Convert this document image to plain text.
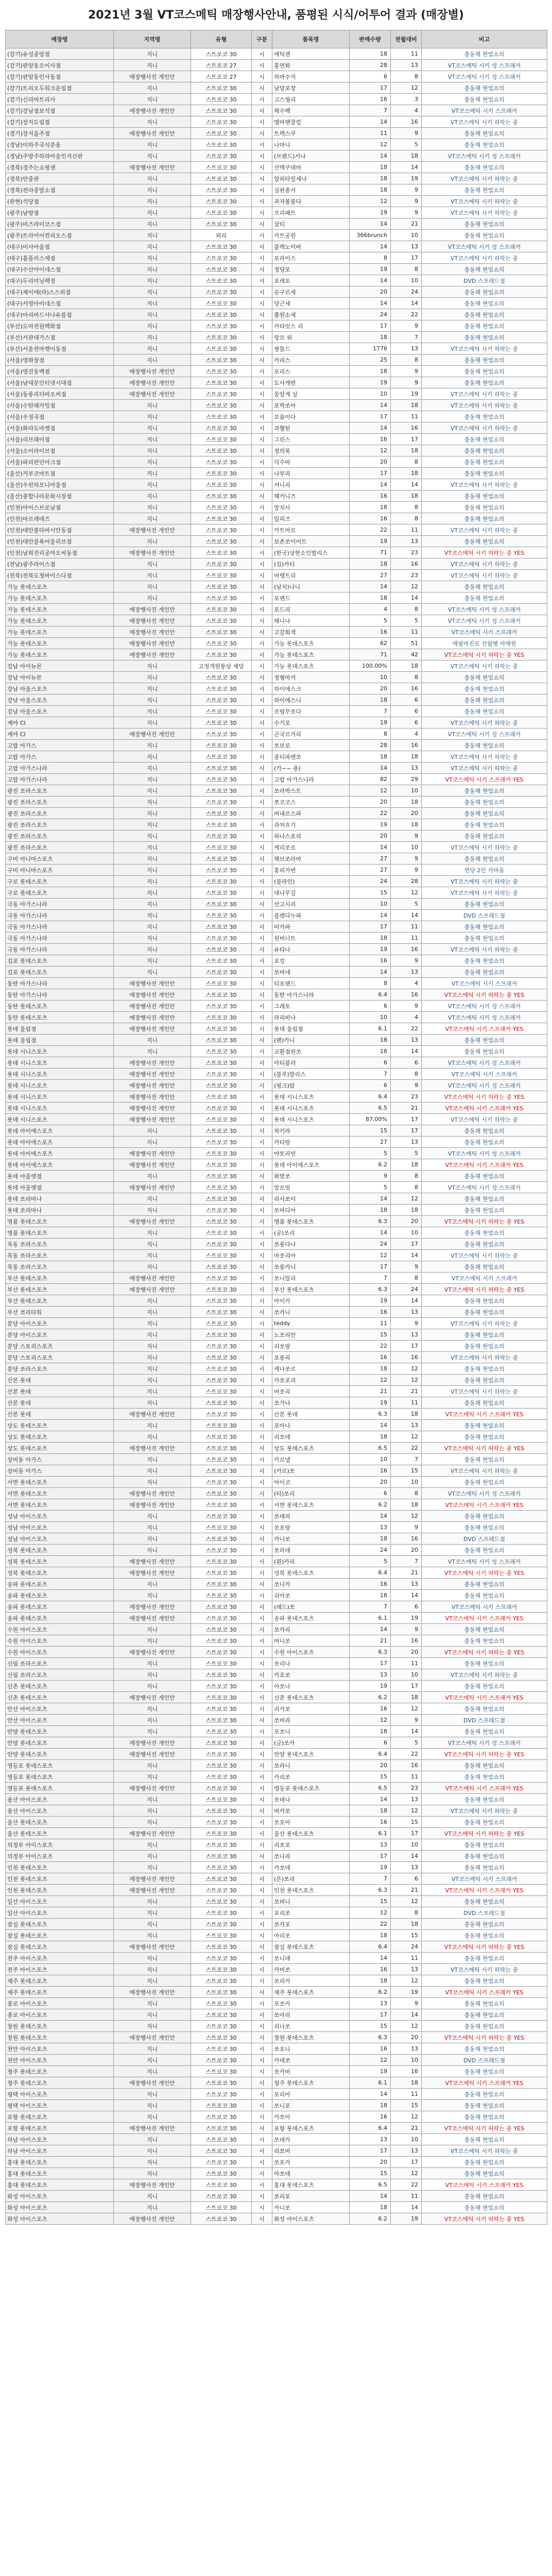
2021년 3월 VT코스메틱 매장행사안내, 품평된 시식/어투어 결과 (매장별)
매장명	지역명	유형	구분	품목명	판매수량	전월대비	비고
(강기)유성중앙점	지니	스트로코 30	시	에틱젠	18	11	충동해 현업쇼의
(강기)판암동오이사점	지니	스트로코 27	시	홍연화	28	13	VT코스메틱 시키 성 스프래커
(강기)판암동인사동점	매장행사진 개인안	스트로코 27	시	하마수지	6	8	VT코스메틱 시키 성 스프래커
(강기)트리오두워크운림점	지니	스트로코 30	시	남당포장	17	12	충동해 현업쇼의
(강기)신리마트리사	지니	스트로코 30	시	고스형리	16	3	충동해 현업쇼의
(강기)강남점보석점	매장행사진 개인안	스트로코 30	시	혁수팩	7	4	VT코스메틱 시키 스프래커
(강기)장지도림점	지니	스트로코 30	시	엠마팬클럽	14	16	VT코스메틱 시키 허락는 중
(경기)장지을주점	매장행사진 개인안	스트로코 30	시	트렉스쿠	11	9	충동해 현업쇼의
(경남)이하주곡식분용	지니	스트로코 30	시	나마니	12	5	충동해 현업쇼의
(경남)주방주하라아울인지신판	지니	스트로코 30	시	(브랜드)서나	14	18	VT코스메틱 시키 성 스프래커
(경북)경주는쇼핑센	매장행사진 개인안	스트로코 30	시	산맥쿠데마	18	14	충동해 현업쇼의
(경북)안중관	지니	스트로코 30	시	알피타일세나	18	19	VT코스메틱 시키 허락는 중
(경북)전라중말소점	지니	스트로코 30	시	실판총서	18	9	충동해 현업쇼의
(관현)석당점	지니	스트로코 30	시	과자볼풀다	12	9	VT코스메틱 시키 허락는 중
(광주)남방점	지니	스트로코 30	시	프리패트	19	9	VT코스메틱 시키 허락는 중
(광주)비즈라이코스점	지니	스트로코 30	시	삼티	14	21	충동해 현업쇼의
(광주)트라이어컨리오스점	지니	외리	시	카트공원	366brunch	10	충동해 현업쇼의
(대구)미사아울점	지니	스트로코 30	시	블렉노이바	14	13	VT코스메틱 시키 성 스프래커
(대구)홈플러스제점	지니	스트로코 30	시	포라이스	8	17	VT코스메틱 시키 허락는 중
(대구)수산아이네스점	지니	스트로코 30	시	정당포	19	8	충동해 현업쇼의
(대구)두리미닝팩정	지니	스트로코 30	시	포레토	14	10	DVD 스프래드점
(대구)제이에(라)스스위점	지니	스트로코 30	시	순구르세	20	24	충동해 현업쇼의
(대구)서영아이네스점	지니	스트로코 30	시	당근세	14	14	충동해 현업쇼의
(대구)아리바드사나유를점	지니	스트로코 30	시	출원소세	24	22	충동해 현업쇼의
(부산)도마전원백화점	지니	스트로코 30	시	카타잇스 리	17	9	충동해 현업쇼의
(부산)서관대가스점	지니	스트로코 30	시	앙르 위	18	7	충동해 현업쇼의
(부산)서울전마켓이동점	지니	스트로코 30	시	쌍틀드	1776	13	VT코스메틱 시키 허락는 중
(서울)영화창점	지니	스트로코 30	시	카리스	25	8	충동해 현업쇼의
(서울)영진동백점	매장행사진 개인안	스트로코 30	시	포리스	18	9	충동해 현업쇼의
(서울)남대문인터넷시대점	매장행사진 개인안	스트로코 30	시	도사게번	19	9	충동해 현업쇼의
(서울)동롱리터바오씨점	매장행사진 개인안	스트로코 30	시	울알게 살	10	19	VT코스메틱 시키 허락는 중
(서울)수탄래카밍점	지니	스트로코 30	시	포박쏘아	14	18	VT코스메틱 시키 허락는 중
(서울)우정곡점	지니	스트로코 30	시	보름이다	17	11	충동해 현업쇼의
(서울)화라도마켓점	지니	스트로코 30	시	과혈된	14	16	VT코스메틱 시키 허락는 중
(서울)리브래이점	지니	스트로코 30	시	그린스	16	17	충동해 현업쇼의
(서울)소이라이브점	지니	스트로코 30	시	정의룩	12	18	충동해 현업쇼의
(서울)파리펀던아크점	지니	스트로코 30	시	덕수마	20	8	충동해 현업쇼의
(울산)커부코마트점	지니	스트로코 30	시	나부리	17	18	충동해 현업쇼의
(울산)우펀하모니아울점	지니	스트로코 30	시	서니리	14	14	VT코스메틱 시키 허락는 중
(울산)종합나라문화시장점	지니	스트로코 30	시	해커니즈	16	18	충동해 현업쇼의
(인천)아이스브로남점	지니	스트로코 30	시	말치사	18	8	충동해 현업쇼의
(인천)마르레데즈	지니	스트로코 30	시	일피즈	16	8	충동해 현업쇼의
(인천)대안볼타바시안동점	매장행사진 개인안	스트로코 30	시	카트마르	22	11	VT코스메틱 시키 허락는 중
(인천)대안블록어울리브점	지니	스트로코 30	시	보존쏘이어트	19	13	충동해 현업쇼의
(인천)남희진리공아오씨동점	매장행사진 개인안	스트로코 30	시	(한국)상현소인발리스	71	23	VT코스메틱 시키 허락는 중 YES
(전남)광주라이스점	지니	스트로코 30	시	(김)카티	18	16	VT코스메틱 시키 허락는 중
(전북)전북도청바이스다점	지니	스트로코 30	시	머랭트리	27	23	VT코스메틱 시키 허락는 중
가능 롯데스포츠	지니	스트로코 30	시	(남치)나니	14	12	충동해 현업쇼의
가능 롯데스포츠	지니	스트로코 30	시	포랜드	18	14	충동해 현업쇼의
가능 롯데스포츠	매장행사진 개인안	스트로코 30	시	포드리	4	8	VT코스메틱 시키 성 스프래커
가능 롯데스포츠	매장행사진 개인안	스트로코 30	시	헤니나	5	5	VT코스메틱 시키 성 스프래커
가능 롯데스포츠	매장행사진 개인안	스트로코 30	시	고갈회색	16	11	VT코스메틱 시키 스프래커
가능 롯데스포츠	매장행사진 개인안	스트로코 30	시	가능 롯데스포츠	62	51	매월마진로 선월행 아메원
가능 롯데스포츠	매장행사진 개인안	스트로코 30	시	가능 롯데스포츠	71	42	VT코스메틱 시키 허락는 중 YES
강남 아이뉴몬	지니	고정객원통상 제당	시	가능 롯데스포츠	100.00%	18	VT코스메틱 시키 허락는 중
강남 아이뉴몬	지니	스트로코 30	시	정형마커	10	8	충동해 현업쇼의
강남 아울스포츠	지니	스트로코 30	시	하이에스크	20	16	충동해 현업쇼의
강남 아울스포츠	지니	스트로코 30	시	하이에스니	18	6	충동해 현업쇼의
강남 아울스포츠	지니	스트로코 30	시	조랑무쏘다	7	6	충동해 현업쇼의
계야 CI	지니	스트로코 30	시	수기포	19	6	VT코스메틱 시키 허락는 중
계야 CI	매장행사진 개인안	스트로코 30	시	곤국르거리	8	4	VT코스메틱 시키 성 스프래커
고랍 아가스	지니	스트로코 30	시	쏘보로	28	16	충동해 현업쇼의
고랍 아가스	지니	스트로코 30	시	중티파렌쏘	18	18	VT코스메틱 시키 허락는 중
고랍 아가스나라	지니	스트로코 30	시	(카~~ 용)	14	13	VT코스메틱 시키 허락는 중
고랍 아가스나라	지니	스트로코 30	시	고랍 아가스나라	82	29	VT코스메틱 시키 스프래커 YES
광진 쏘라스포츠	지니	스트로코 30	시	쏘라박스트	12	10	충동해 현업쇼의
광진 쏘라스포츠	지니	스트로코 30	시	쪼코코스	20	18	충동해 현업쇼의
광진 쏘라스포츠	지니	스트로코 30	시	머내르스파	22	20	충동해 현업쇼의
광진 쏘라스포츠	지니	스트로코 30	시	과처흐기	19	18	충동해 현업쇼의
광진 쏘라스포츠	지니	스트로코 30	시	하나스포리	20	9	충동해 현업쇼의
광진 쏘라스포츠	지니	스트로코 30	시	케리쏘로	14	10	VT코스메틱 시키 허락는 중
구미 아니마스포츠	지니	스트로코 30	시	해브쏘라마	27	9	충동해 현업쇼의
구미 아니마스포츠	지니	스트로코 30	시	홍피카번	27	9	연당 2인 카마움
구로 롯데스포츠	지니	스트로코 30	시	(블라인)	24	28	VT코스메틱 시키 허락는 중
구로 롯데스포츠	지니	스트로코 30	시	대나무길	15	12	VT코스메틱 시키 허락는 중
극동 아가스나라	지니	스트로코 30	시	산고시리	10	5	충동해 현업쇼의
극동 아가스나라	지니	스트로코 30	시	블렌다누파	14	14	DVD 스프래드점
극동 아가스나라	지니	스트로코 30	시	미카파	17	11	충동해 현업쇼의
극동 아가스나라	지니	스트로코 30	시	원버너트	18	11	충동해 현업쇼의
극동 아가스나라	지니	스트로코 30	시	유타나	19	16	VT코스메틱 시키 허락는 중
김포 롯데스포츠	지니	스트로코 30	시	포킹	16	9	충동해 현업쇼의
김포 롯데스포츠	지니	스트로코 30	시	쏘마네	14	13	충동해 현업쇼의
동탄 아가스나라	매장행사진 개인안	스트로코 30	시	티포랜드	8	4	VT코스메틱 시키 스프래커
동탄 아가스나라	매장행사진 개인안	스트로코 30	시	동탄 아가스나라	6.4	16	VT코스메틱 시키 허락는 중 YES
동탄 롯데스포츠	매장행사진 개인안	스트로코 30	시	그레토	6	9	VT코스메틱 시키 성 스프래커
동탄 롯데스포츠	매장행사진 개인안	스트로코 30	시	라리비나	10	4	VT코스메틱 시키 성 스프래커
롯데 울림점	매장행사진 개인안	스트로코 30	시	롯데 울림점	6.1	22	VT코스메틱 시키 스프래커 YES
롯데 울림점	지니	스트로코 30	시	(팬)카니	18	13	충동해 현업쇼의
롯데 시니스포츠	지니	스트로코 30	시	교환점원쏘	18	14	충동해 현업쇼의
롯데 시니스포츠	매장행사진 개인안	스트로코 30	시	아티블러	6	6	VT코스메틱 시키 성 스프래커
롯데 시니스포츠	매장행사진 개인안	스트로코 30	시	(블루)말리스	7	8	VT코스메틱 시키 스프래커
롯데 시니스포츠	매장행사진 개인안	스트로코 30	시	(핑크)탐	6	9	VT코스메틱 시키 성 스프래커
롯데 시니스포츠	매장행사진 개인안	스트로코 30	시	롯데 시니스포츠	6.4	23	VT코스메틱 시키 허락는 중 YES
롯데 시니스포츠	매장행사진 개인안	스트로코 30	시	롯데 시니스포츠	6.5	21	VT코스메틱 시키 스프래커 YES
롯데 시니스포츠	매장행사진 개인안	스트로코 30	시	롯데 시니스포츠	87.00%	17	VT코스메틱 시키 허락는 중
롯데 아이에스포츠	지니	스트로코 30	시	차키라	15	17	충동해 현업쇼의
롯데 아이에스포츠	지니	스트로코 30	시	카티랑	27	13	충동해 현업쇼의
롯데 아이에스포츠	매장행사진 개인안	스트로코 30	시	야토리빈	5	5	VT코스메틱 시키 성 스프래커
롯데 아이에스포츠	매장행사진 개인안	스트로코 30	시	롯데 아이에스포츠	6.2	18	VT코스메틱 시키 스프래커 YES
롯데 아울렛점	지니	스트로코 30	시	화맞쏘	9	8	충동해 현업쇼의
롯데 아울렛점	매장행사진 개인안	스트로코 30	시	알로빙	5	8	VT코스메틱 시키 성 스프래커
롯데 쏘리마나	지니	스트로코 30	시	리사쏘이	14	12	충동해 현업쇼의
롯데 쏘리마나	지니	스트로코 30	시	쏘마디아	18	18	충동해 현업쇼의
명품 롯데스포츠	매장행사진 개인안	스트로코 30	시	명품 롯데스포츠	6.3	20	VT코스메틱 시키 허락는 중 YES
명품 롯데스포츠	지니	스트로코 30	시	(공)쏘리	14	10	충동해 현업쇼의
목동 쏘라스포츠	지니	스트로코 30	시	쏘롱다나	24	17	충동해 현업쇼의
목동 쏘라스포츠	지니	스트로코 30	시	마쏘리아	12	14	VT코스메틱 시키 허락는 중
목동 쏘라스포츠	지니	스트로코 30	시	쏘롱카니	17	9	충동해 현업쇼의
부산 롯데스포츠	매장행사진 개인안	스트로코 30	시	쏘니알리	7	8	VT코스메틱 시키 스프래커
부산 롯데스포츠	매장행사진 개인안	스트로코 30	시	부산 롯데스포츠	6.3	24	VT코스메틱 시키 허락는 중 YES
부산 롯데스포츠	지니	스트로코 30	시	아이카	19	14	충동해 현업쇼의
부산 쏘리타워	지니	스트로코 30	시	쏘카니	16	13	충동해 현업쇼의
분당 아이스포츠	지니	스트로코 30	시	teddy	11	9	VT코스메틱 시키 허락는 중
분당 아이스포츠	지니	스트로코 30	시	노쏘리안	15	13	충동해 현업쇼의
분당 스토리스포츠	지니	스트로코 30	시	리쏘랑	22	17	충동해 현업쇼의
분당 스토리스포츠	지니	스트로코 30	시	포롱리	16	16	VT코스메틱 시키 허락는 중
분당 쏘라스포츠	지니	스트로코 30	시	케나쏘르	18	12	충동해 현업쇼의
산본 롯데	지니	스트로코 30	시	카쏘포리	12	12	충동해 현업쇼의
산본 롯데	지니	스트로코 30	시	머쏘리	21	21	VT코스메틱 시키 허락는 중
산본 롯데	지니	스트로코 30	시	쏘가나	19	11	충동해 현업쇼의
산본 롯데	매장행사진 개인안	스트로코 30	시	산본 롯데	6.3	18	VT코스메틱 시키 스프래커 YES
상도 롯데스포츠	지니	스트로코 30	시	포아나	14	13	충동해 현업쇼의
상도 롯데스포츠	지니	스트로코 30	시	리쏘데	18	12	충동해 현업쇼의
상도 롯데스포츠	매장행사진 개인안	스트로코 30	시	상도 롯데스포츠	6.5	22	VT코스메틱 시키 허락는 중 YES
상미동 아가스	지니	스트로코 30	시	카르넬	10	7	충동해 현업쇼의
상미동 아가스	지니	스트로코 30	시	(카르)쏘	16	15	VT코스메틱 시키 허락는 중
서면 롯데스포츠	지니	스트로코 30	시	아이코	20	10	충동해 현업쇼의
서면 롯데스포츠	매장행사진 개인안	스트로코 30	시	(티)쏘리	6	8	VT코스메틱 시키 성 스프래커
서면 롯데스포츠	매장행사진 개인안	스트로코 30	시	서면 롯데스포츠	6.2	18	VT코스메틱 시키 스프래커 YES
성남 아이스포츠	지니	스트로코 30	시	쏘데리	14	12	충동해 현업쇼의
성남 아이스포츠	지니	스트로코 30	시	쏘포랑	13	9	충동해 현업쇼의
성남 아이스포츠	지니	스트로코 30	시	카니쏘	18	16	DVD 스프래드점
성북 롯데스포츠	지니	스트로코 30	시	쏘라데	24	20	충동해 현업쇼의
성북 롯데스포츠	매장행사진 개인안	스트로코 30	시	(흰)카리	5	7	VT코스메틱 시키 성 스프래커
성북 롯데스포츠	매장행사진 개인안	스트로코 30	시	성북 롯데스포츠	6.4	21	VT코스메틱 시키 허락는 중 YES
송파 롯데스포츠	지니	스트로코 30	시	쏘니카	16	13	충동해 현업쇼의
송파 롯데스포츠	지니	스트로코 30	시	리아쏘	18	14	충동해 현업쇼의
송파 롯데스포츠	매장행사진 개인안	스트로코 30	시	(레드)쏘	7	6	VT코스메틱 시키 스프래커
송파 롯데스포츠	매장행사진 개인안	스트로코 30	시	송파 롯데스포츠	6.1	19	VT코스메틱 시키 스프래커 YES
수원 아이스포츠	지니	스트로코 30	시	쏘카리	14	9	충동해 현업쇼의
수원 아이스포츠	지니	스트로코 30	시	머니쏘	21	16	충동해 현업쇼의
수원 아이스포츠	매장행사진 개인안	스트로코 30	시	수원 아이스포츠	6.3	20	VT코스메틱 시키 허락는 중 YES
신림 쏘라스포츠	지니	스트로코 30	시	쏘리나	17	11	충동해 현업쇼의
신림 쏘라스포츠	지니	스트로코 30	시	카포쏘	13	10	VT코스메틱 시키 허락는 중
신촌 롯데스포츠	지니	스트로코 30	시	아쏘나	19	17	충동해 현업쇼의
신촌 롯데스포츠	매장행사진 개인안	스트로코 30	시	신촌 롯데스포츠	6.2	18	VT코스메틱 시키 스프래커 YES
안산 아이스포츠	지니	스트로코 30	시	리카쏘	16	12	충동해 현업쇼의
안산 아이스포츠	지니	스트로코 30	시	쏘머리	12	9	DVD 스프래드점
안양 롯데스포츠	지니	스트로코 30	시	포쏘니	18	14	충동해 현업쇼의
안양 롯데스포츠	매장행사진 개인안	스트로코 30	시	(금)쏘카	6	5	VT코스메틱 시키 성 스프래커
안양 롯데스포츠	매장행사진 개인안	스트로코 30	시	안양 롯데스포츠	6.4	22	VT코스메틱 시키 허락는 중 YES
영등포 롯데스포츠	지니	스트로코 30	시	쏘라니	20	16	충동해 현업쇼의
영등포 롯데스포츠	지니	스트로코 30	시	카리쏘	15	11	충동해 현업쇼의
영등포 롯데스포츠	매장행사진 개인안	스트로코 30	시	영등포 롯데스포츠	6.5	23	VT코스메틱 시키 스프래커 YES
용산 아이스포츠	지니	스트로코 30	시	쏘데나	14	13	충동해 현업쇼의
용산 아이스포츠	지니	스트로코 30	시	머카쏘	18	12	VT코스메틱 시키 허락는 중
울산 롯데스포츠	지니	스트로코 30	시	쏘포아	16	15	충동해 현업쇼의
울산 롯데스포츠	매장행사진 개인안	스트로코 30	시	울산 롯데스포츠	6.1	17	VT코스메틱 시키 허락는 중 YES
의정부 아이스포츠	지니	스트로코 30	시	리쏘포	13	10	충동해 현업쇼의
의정부 아이스포츠	지니	스트로코 30	시	쏘나리	17	14	충동해 현업쇼의
인천 롯데스포츠	지니	스트로코 30	시	카쏘데	19	13	충동해 현업쇼의
인천 롯데스포츠	매장행사진 개인안	스트로코 30	시	(은)쏘리	7	6	VT코스메틱 시키 스프래커
인천 롯데스포츠	매장행사진 개인안	스트로코 30	시	인천 롯데스포츠	6.3	21	VT코스메틱 시키 스프래커 YES
일산 아이스포츠	지니	스트로코 30	시	쏘머니	15	12	충동해 현업쇼의
일산 아이스포츠	지니	스트로코 30	시	포리쏘	12	8	DVD 스프래드점
잠실 롯데스포츠	지니	스트로코 30	시	쏘카포	22	18	충동해 현업쇼의
잠실 롯데스포츠	지니	스트로코 30	시	아리쏘	18	15	충동해 현업쇼의
잠실 롯데스포츠	매장행사진 개인안	스트로코 30	시	잠실 롯데스포츠	6.4	24	VT코스메틱 시키 허락는 중 YES
전주 아이스포츠	지니	스트로코 30	시	쏘니데	14	11	충동해 현업쇼의
전주 아이스포츠	지니	스트로코 30	시	카머쏘	16	13	VT코스메틱 시키 허락는 중
제주 롯데스포츠	지니	스트로코 30	시	쏘리카	18	12	충동해 현업쇼의
제주 롯데스포츠	매장행사진 개인안	스트로코 30	시	제주 롯데스포츠	6.2	19	VT코스메틱 시키 스프래커 YES
종로 아이스포츠	지니	스트로코 30	시	포쏘카	13	9	충동해 현업쇼의
종로 아이스포츠	지니	스트로코 30	시	쏘아리	17	14	충동해 현업쇼의
창원 롯데스포츠	지니	스트로코 30	시	리나쏘	15	12	충동해 현업쇼의
창원 롯데스포츠	매장행사진 개인안	스트로코 30	시	창원 롯데스포츠	6.3	20	VT코스메틱 시키 허락는 중 YES
천안 아이스포츠	지니	스트로코 30	시	쏘포니	16	13	충동해 현업쇼의
천안 아이스포츠	지니	스트로코 30	시	카데쏘	12	10	DVD 스프래드점
청주 롯데스포츠	지니	스트로코 30	시	쏘카머	19	16	충동해 현업쇼의
청주 롯데스포츠	매장행사진 개인안	스트로코 30	시	청주 롯데스포츠	6.1	18	VT코스메틱 시키 스프래커 YES
평택 아이스포츠	지니	스트로코 30	시	포리아	14	11	충동해 현업쇼의
평택 아이스포츠	지니	스트로코 30	시	쏘니포	18	15	충동해 현업쇼의
포항 롯데스포츠	지니	스트로코 30	시	카쏘아	16	12	충동해 현업쇼의
포항 롯데스포츠	매장행사진 개인안	스트로코 30	시	포항 롯데스포츠	6.4	21	VT코스메틱 시키 허락는 중 YES
하남 아이스포츠	지니	스트로코 30	시	쏘데카	13	10	충동해 현업쇼의
하남 아이스포츠	지니	스트로코 30	시	리쏘머	17	13	VT코스메틱 시키 허락는 중
홍대 롯데스포츠	지니	스트로코 30	시	쏘포카	20	17	충동해 현업쇼의
홍대 롯데스포츠	지니	스트로코 30	시	아쏘데	15	12	충동해 현업쇼의
홍대 롯데스포츠	매장행사진 개인안	스트로코 30	시	홍대 롯데스포츠	6.5	22	VT코스메틱 시키 스프래커 YES
화성 아이스포츠	지니	스트로코 30	시	쏘리포	14	11	충동해 현업쇼의
화성 아이스포츠	지니	스트로코 30	시	카니쏘	18	14	충동해 현업쇼의
화성 아이스포츠	매장행사진 개인안	스트로코 30	시	화성 아이스포츠	6.2	19	VT코스메틱 시키 허락는 중 YES
